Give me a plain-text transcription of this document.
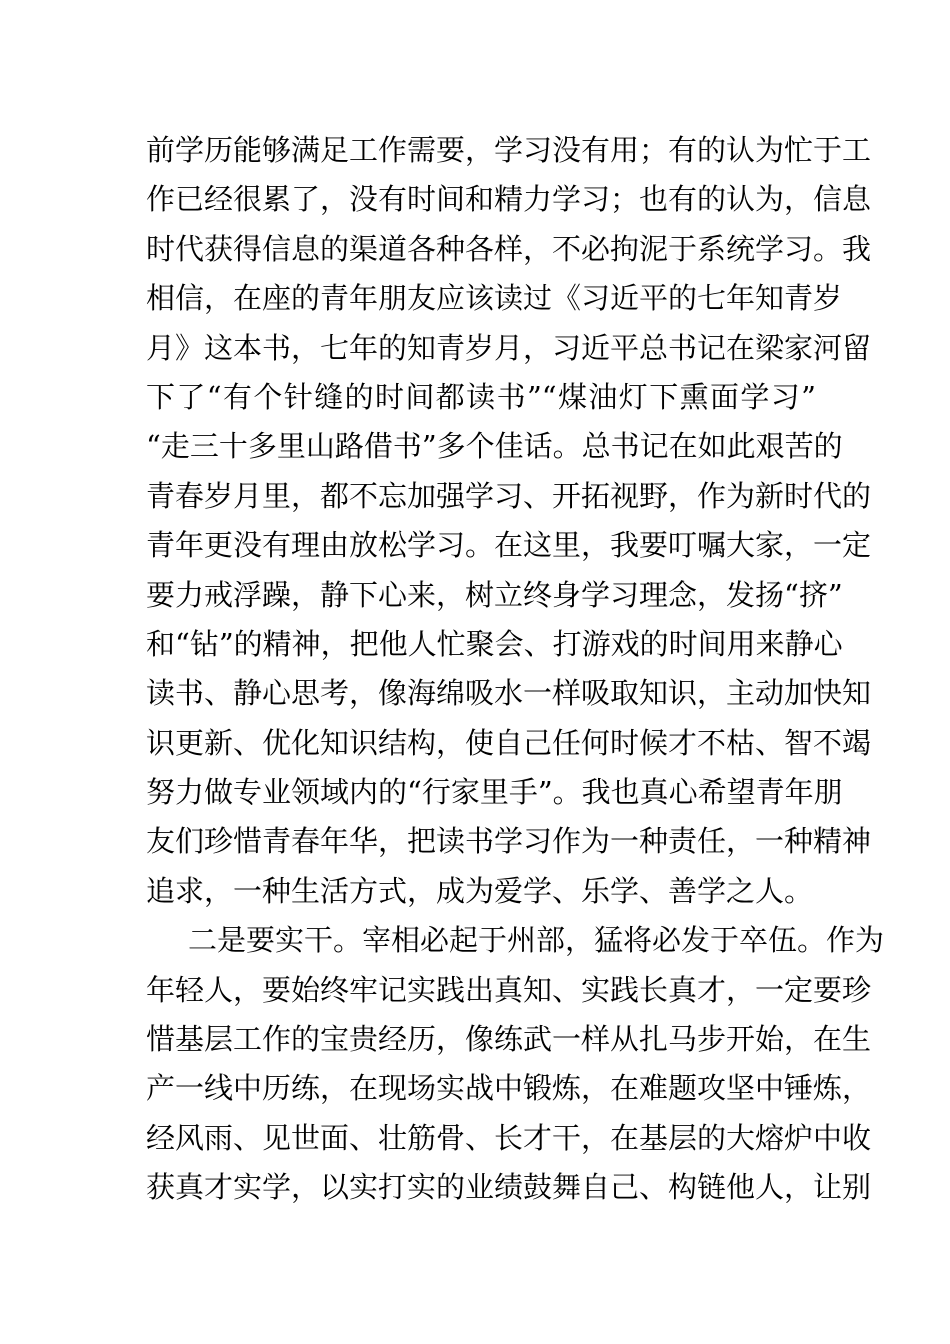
前学历能够满足工作需要，学习没有用；有的认为忙于工
作已经很累了，没有时间和精力学习；也有的认为，信息
时代获得信息的渠道各种各样，不必拘泥于系统学习。我
相信，在座的青年朋友应该读过《习近平的七年知青岁
月》这本书，七年的知青岁月，习近平总书记在梁家河留
下了“有个针缝的时间都读书”“煤油灯下熏面学习”
“走三十多里山路借书”多个佳话。总书记在如此艰苦的
青春岁月里，都不忘加强学习、开拓视野，作为新时代的
青年更没有理由放松学习。在这里，我要叮嘱大家，一定
要力戒浮躁，静下心来，树立终身学习理念，发扬“挤”
和“钻”的精神，把他人忙聚会、打游戏的时间用来静心
读书、静心思考，像海绵吸水一样吸取知识，主动加快知
识更新、优化知识结构，使自己任何时候才不枯、智不竭
努力做专业领域内的“行家里手”。我也真心希望青年朋
友们珍惜青春年华，把读书学习作为一种责任，一种精神
追求，一种生活方式，成为爱学、乐学、善学之人。
二是要实干。宰相必起于州部，猛将必发于卒伍。作为
年轻人，要始终牢记实践出真知、实践长真才，一定要珍
惜基层工作的宝贵经历，像练武一样从扎马步开始，在生
产一线中历练，在现场实战中锻炼，在难题攻坚中锤炼，
经风雨、见世面、壮筋骨、长才干，在基层的大熔炉中收
获真才实学，以实打实的业绩鼓舞自己、构链他人，让别
